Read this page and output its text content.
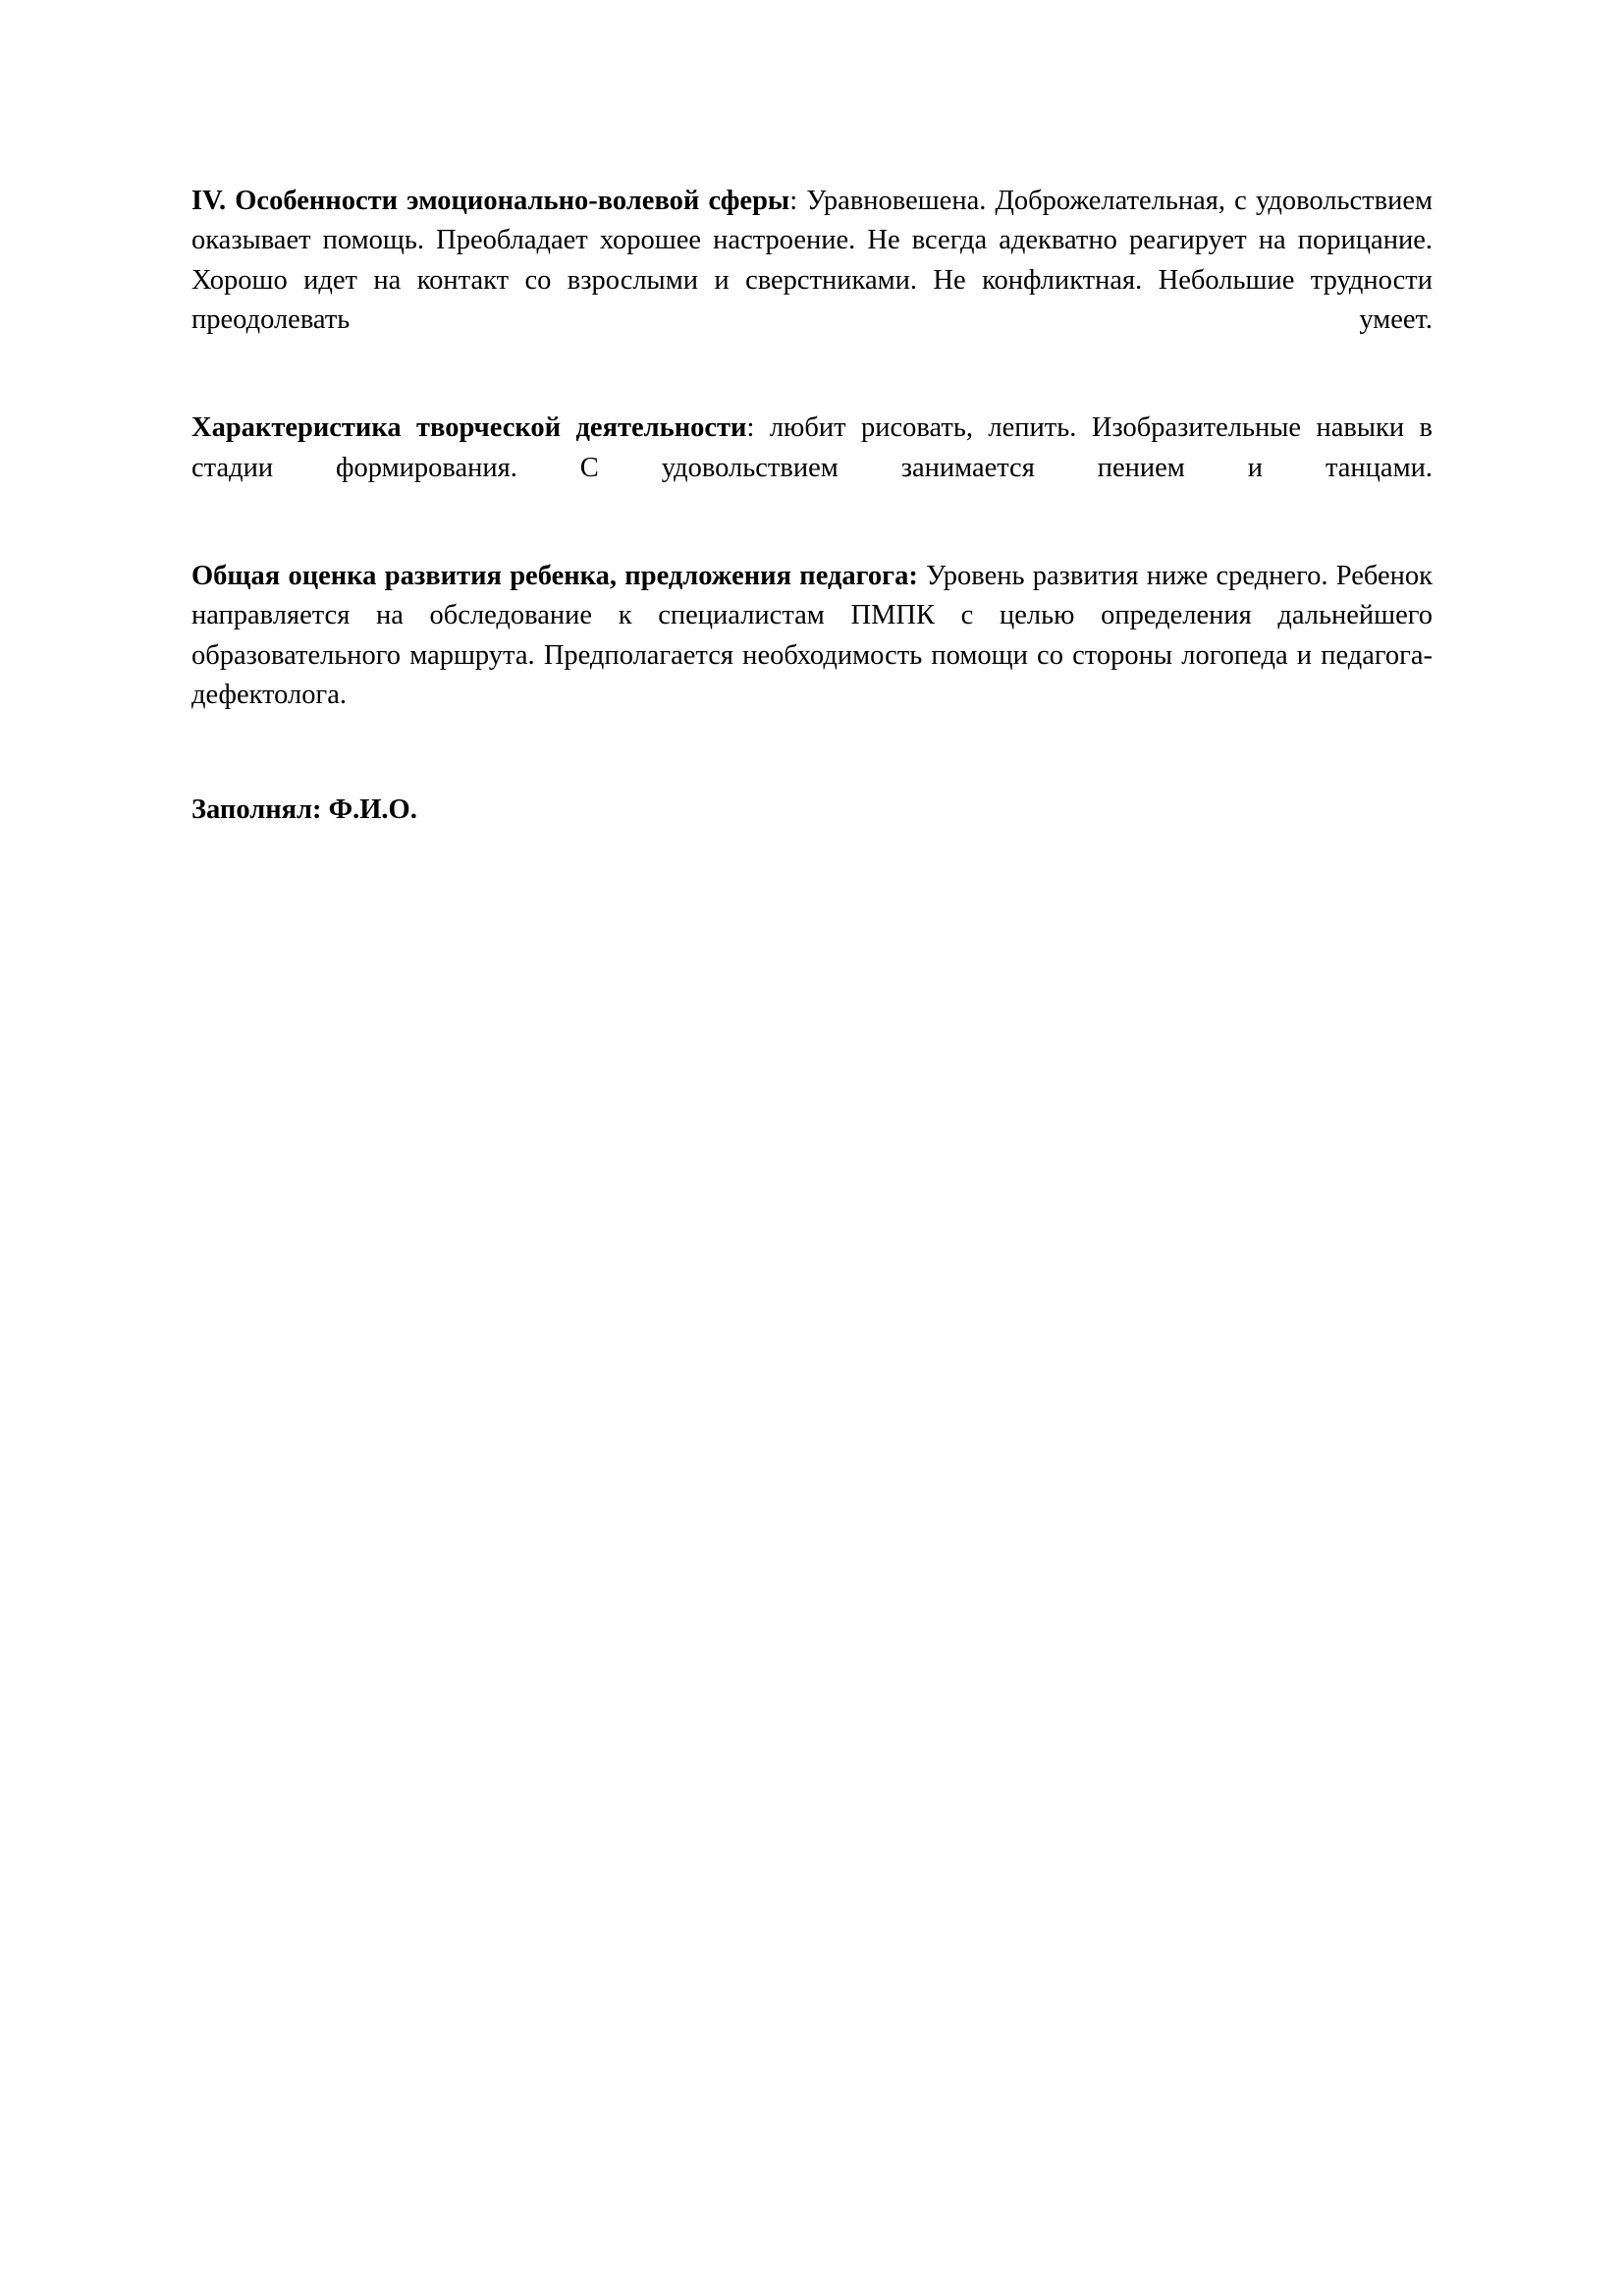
IV. Особенности эмоционально-волевой сферы: Уравновешена. Доброжелательная, с удовольствием оказывает помощь. Преобладает хорошее настроение. Не всегда адекватно реагирует на порицание. Хорошо идет на контакт со взрослыми и сверстниками. Не конфликтная. Небольшие трудности преодолевать умеет.

Характеристика творческой деятельности: любит рисовать, лепить. Изобразительные навыки в стадии формирования. С удовольствием занимается пением и танцами.

Общая оценка развития ребенка, предложения педагога: Уровень развития ниже среднего. Ребенок направляется на обследование к специалистам ПМПК с целью определения дальнейшего образовательного маршрута. Предполагается необходимость помощи со стороны логопеда и педагога-дефектолога.

Заполнял: Ф.И.О.
